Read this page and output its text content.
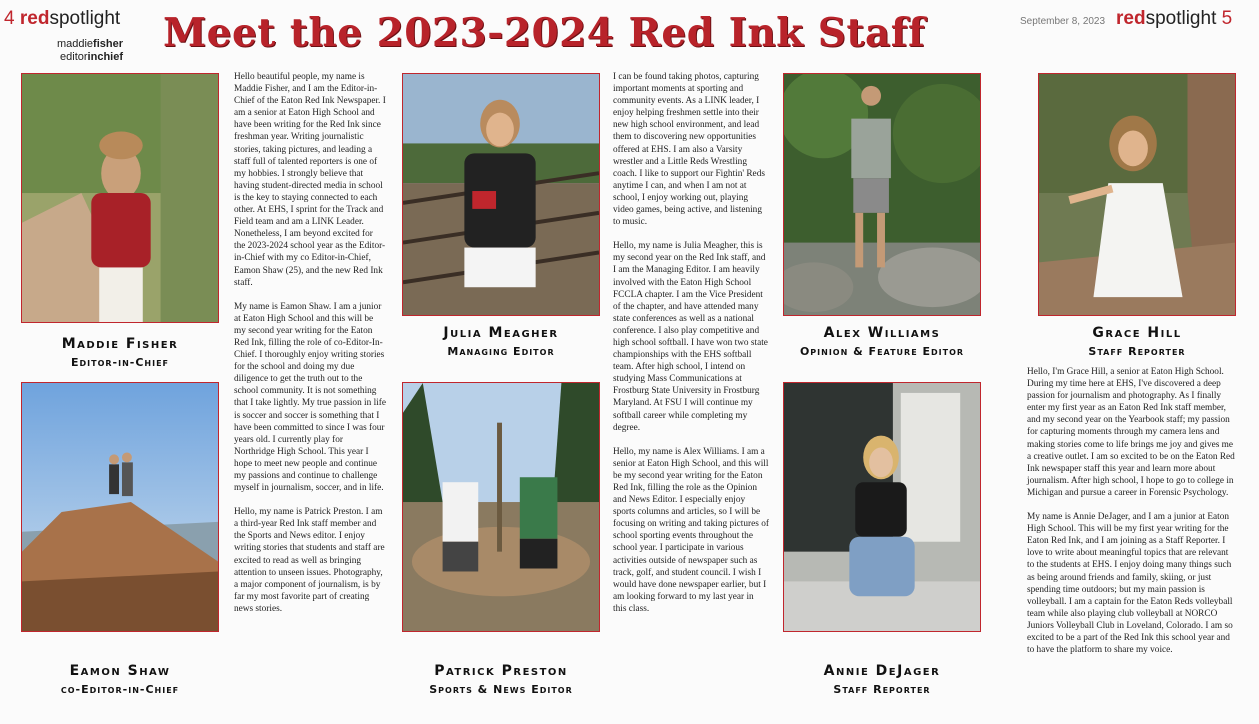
4 redspotlight
maddiefisher
editorinchief
Meet the 2023-2024 Red Ink Staff	September 8, 2023 redspotlight 5
Maddie Fisher
Editor-in-Chief
Eamon Shaw
co-Editor-in-Chief

Hello beautiful people, my name is Maddie Fisher, and I am the Editor-in-Chief of the Eaton Red Ink Newspaper. I am a senior at Eaton High School and have been writing for the Red Ink since freshman year. Writing journalistic stories, taking pictures, and leading a staff full of talented reporters is one of my hobbies. I strongly believe that having student-directed media in school is the key to staying connected to each other. At EHS, I sprint for the Track and Field team and am a LINK Leader. Nonetheless, I am beyond excited for the 2023-2024 school year as the Editor-in-Chief with my co Editor-in-Chief, Eamon Shaw (25), and the new Red Ink staff.

My name is Eamon Shaw. I am a junior at Eaton High School and this will be my second year writing for the Eaton Red Ink, filling the role of co-Editor-In-Chief. I thoroughly enjoy writing stories for the school and doing my due diligence to get the truth out to the school community. It is not something that I take lightly. My true passion in life is soccer and soccer is something that I have been committed to since I was four years old. I currently play for Northridge High School. This year I hope to meet new people and continue my passions and continue to challenge myself in journalism, soccer, and in life.

Hello, my name is Patrick Preston. I am a third-year Red Ink staff member and the Sports and News editor. I enjoy writing stories that students and staff are excited to read as well as bringing attention to unseen issues. Photography, a major component of journalism, is by far my most favorite part of creating news stories.

Julia Meagher
Managing Editor
Patrick Preston
Sports & News Editor

I can be found taking photos, capturing important moments at sporting and community events. As a LINK leader, I enjoy helping freshmen settle into their new high school environment, and lead them to discovering new opportunities offered at EHS. I am also a Varsity wrestler and a Little Reds Wrestling coach. I like to support our Fightin' Reds anytime I can, and when I am not at school, I enjoy working out, playing video games, being active, and listening to music.

Hello, my name is Julia Meagher, this is my second year on the Red Ink staff, and I am the Managing Editor. I am heavily involved with the Eaton High School FCCLA chapter. I am the Vice President of the chapter, and have attended many state conferences as well as a national conference. I also play competitive and high school softball. I have won two state championships with the EHS softball team. After high school, I intend on studying Mass Communications at Frostburg State University in Frostburg Maryland. At FSU I will continue my softball career while completing my degree.

Hello, my name is Alex Williams. I am a senior at Eaton High School, and this will be my second year writing for the Eaton Red Ink, filling the role as the Opinion and News Editor. I especially enjoy sports columns and articles, so I will be focusing on writing and taking pictures of school sporting events throughout the school year. I participate in various activities outside of newspaper such as track, golf, and student council. I wish I would have done newspaper earlier, but I am looking forward to my last year in this class.

Alex Williams
Opinion & Feature Editor
Annie DeJager
Staff Reporter
Grace Hill
Staff Reporter

Hello, I'm Grace Hill, a senior at Eaton High School. During my time here at EHS, I've discovered a deep passion for journalism and photography. As I finally enter my first year as an Eaton Red Ink staff member, and my second year on the Yearbook staff; my passion for capturing moments through my camera lens and making stories come to life brings me joy and gives me a creative outlet. I am so excited to be on the Eaton Red Ink newspaper staff this year and learn more about journalism. After high school, I hope to go to college in Michigan and pursue a career in Forensic Psychology.

My name is Annie DeJager, and I am a junior at Eaton High School. This will be my first year writing for the Eaton Red Ink, and I am joining as a Staff Reporter. I love to write about meaningful topics that are relevant to the students at EHS. I enjoy doing many things such as being around friends and family, skiing, or just spending time outdoors; but my main passion is volleyball. I am a captain for the Eaton Reds volleyball team while also playing club volleyball at NORCO Juniors Volleyball Club in Loveland, Colorado. I am so excited to be a part of the Red Ink this school year and to have the platform to share my voice.
